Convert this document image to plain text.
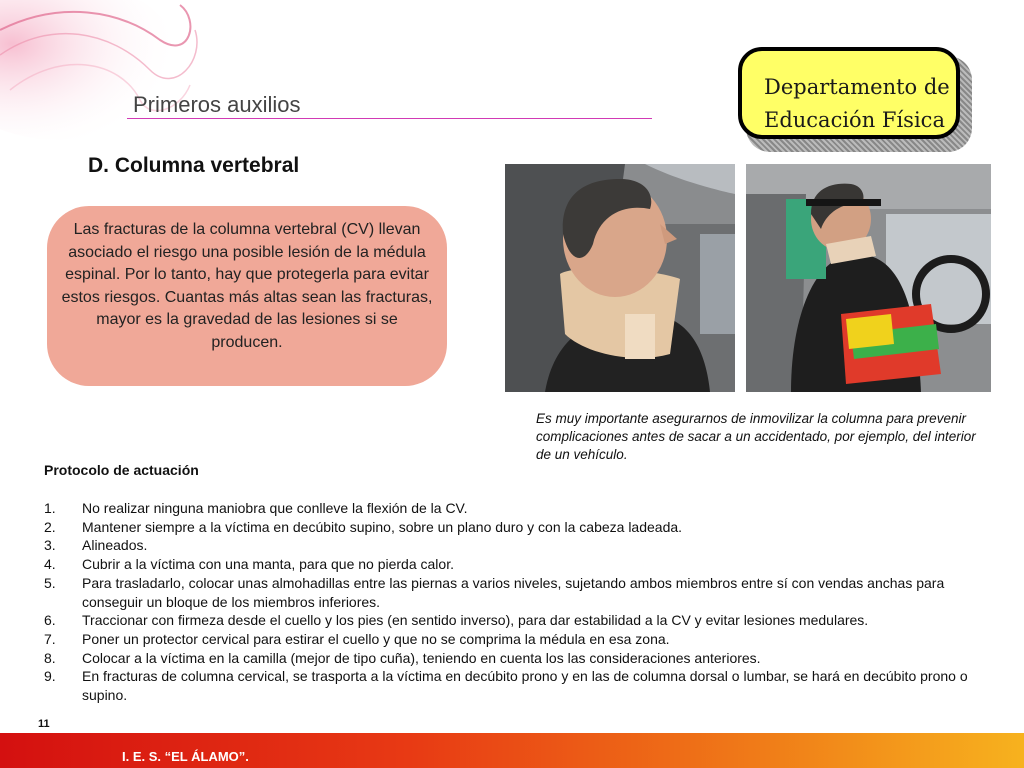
Primeros auxilios
Departamento de
Educación Física
D. Columna vertebral
Las fracturas de la columna vertebral (CV) llevan asociado el riesgo una posible lesión de la médula espinal. Por lo tanto, hay que protegerla para evitar estos riesgos. Cuantas más altas sean las fracturas, mayor es la gravedad de las lesiones si se producen.
Es muy importante asegurarnos de inmovilizar la columna para prevenir complicaciones antes de sacar a un accidentado, por ejemplo, del interior de un vehículo.
Protocolo de actuación
1.	No realizar ninguna maniobra que conlleve la flexión de la CV.
2.	Mantener siempre a la víctima en decúbito supino, sobre un plano duro y con la cabeza ladeada.
3.	Alineados.
4.	Cubrir a la víctima con una manta, para que no pierda calor.
5.	Para trasladarlo, colocar unas almohadillas entre las piernas a varios niveles, sujetando ambos miembros entre sí con vendas anchas para conseguir un bloque de los miembros inferiores.
6.	Traccionar con firmeza desde el cuello y los pies (en sentido inverso), para dar estabilidad a la CV y evitar lesiones medulares.
7.	Poner un protector cervical para estirar el cuello y que no se comprima la médula en esa zona.
8.	Colocar a la víctima en la camilla (mejor de tipo cuña), teniendo en cuenta los las consideraciones anteriores.
9.	En fracturas de columna cervical, se trasporta a la víctima en decúbito prono y en las de columna dorsal o lumbar, se hará en decúbito prono o supino.
11
I. E. S. “EL ÁLAMO”.
